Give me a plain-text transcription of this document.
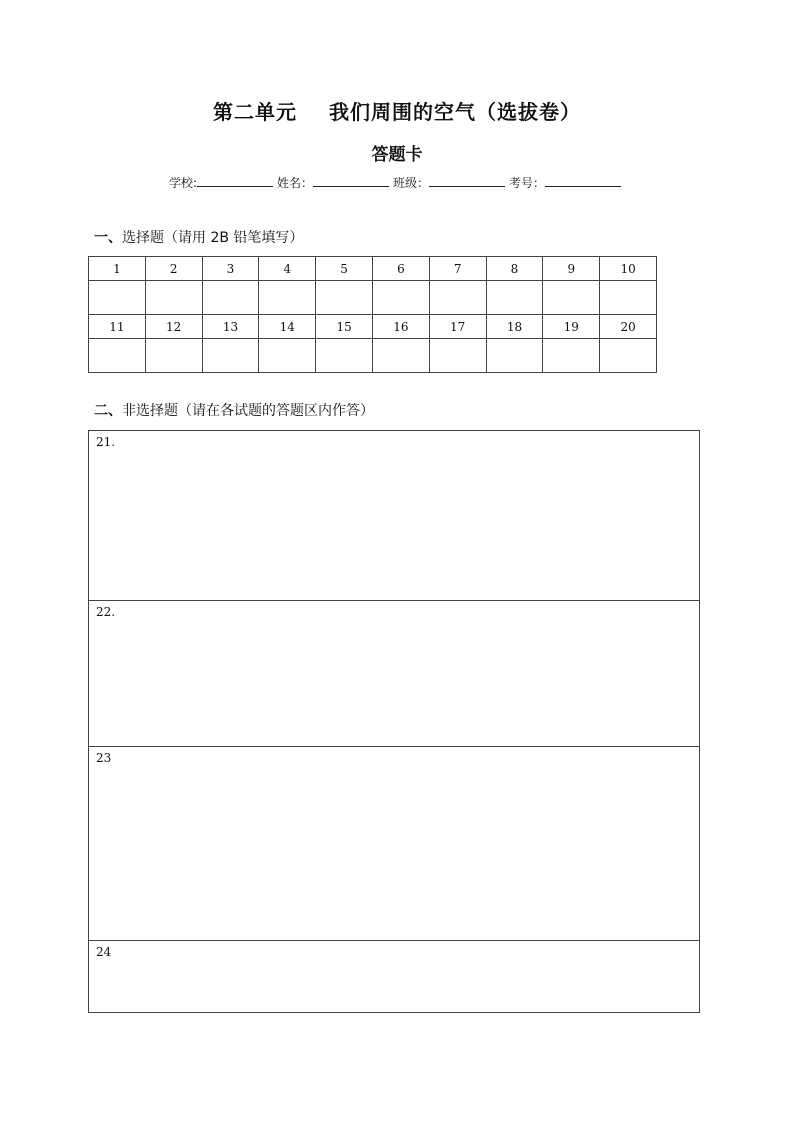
第二单元 我们周围的空气（选拔卷）
答题卡
学校:	姓名：	班级：	考号：
一、选择题（请用 2B 铅笔填写）
1	2	3	4	5	6	7	8	9	10

11	12	13	14	15	16	17	18	19	20

二、非选择题（请在各试题的答题区内作答）
21.
22.
23
24
